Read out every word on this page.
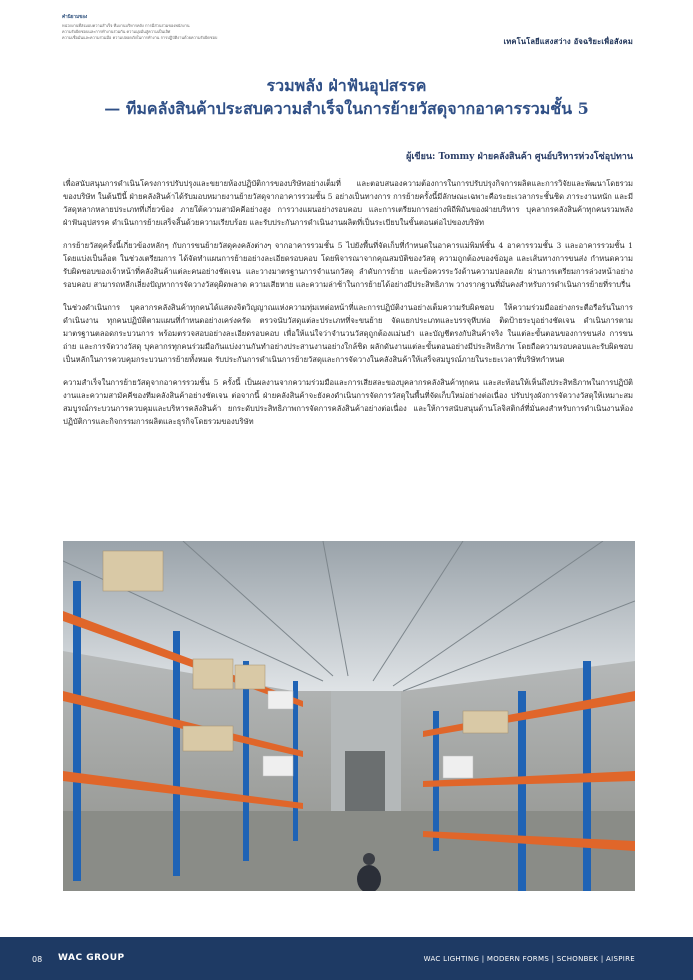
คำนิยามของ
หน่วยงานที่ส่งมอบความสำเร็จ ทีมงานบริหารคลัง การมีส่วนร่วมของพนักงาน
ความรับผิดชอบและการทำงานร่วมกัน ความมุ่งมั่นสู่ความเป็นเลิศ
ความเชื่อมั่นและความร่วมมือ ความปลอดภัยในการทำงาน การปฏิบัติงานด้วยความรับผิดชอบ	เทคโนโลยีแสงสว่าง อัจฉริยะเพื่อสังคม
รวมพลัง ฝ่าฟันอุปสรรค
— ทีมคลังสินค้าประสบความสำเร็จในการย้ายวัสดุจากอาคารรวมชั้น 5
ผู้เขียน: Tommy ฝ่ายคลังสินค้า ศูนย์บริหารห่วงโซ่อุปทาน

เพื่อสนับสนุนการดำเนินโครงการปรับปรุงและขยายห้องปฏิบัติการของบริษัทอย่างเต็มที่ และตอบสนองความต้องการในการปรับปรุงกิจการผลิตและการวิจัยและพัฒนาโดยรวมของบริษัท ในต้นปีนี้ ฝ่ายคลังสินค้าได้รับมอบหมายงานย้ายวัสดุจากอาคารรวมชั้น 5 อย่างเป็นทางการ การย้ายครั้งนี้มีลักษณะเฉพาะคือระยะเวลากระชั้นชิด ภาระงานหนัก และมีวัสดุหลากหลายประเภทที่เกี่ยวข้อง ภายใต้ความสามัคคีอย่างสูง การวางแผนอย่างรอบคอบ และการเตรียมการอย่างพิถีพิถันของฝ่ายบริหาร บุคลากรคลังสินค้าทุกคนรวมพลังฝ่าฟันอุปสรรค ดำเนินการย้ายเสร็จสิ้นด้วยความเรียบร้อย และรับประกันการดำเนินงานผลิตที่เป็นระเบียบในขั้นตอนต่อไปของบริษัท

การย้ายวัสดุครั้งนี้เกี่ยวข้องหลักๆ กับการขนย้ายวัสดุคงคลังต่างๆ จากอาคารรวมชั้น 5 ไปยังพื้นที่จัดเก็บที่กำหนดในอาคารแม่พิมพ์ชั้น 4 อาคารรวมชั้น 3 และอาคารรวมชั้น 1 โดยแบ่งเป็นล็อต ในช่วงเตรียมการ ได้จัดทำแผนการย้ายอย่างละเอียดรอบคอบ โดยพิจารณาจากคุณสมบัติของวัสดุ ความถูกต้องของข้อมูล และเส้นทางการขนส่ง กำหนดความรับผิดชอบของเจ้าหน้าที่คลังสินค้าแต่ละคนอย่างชัดเจน และวางมาตรฐานการจำแนกวัสดุ ลำดับการย้าย และข้อควรระวังด้านความปลอดภัย ผ่านการเตรียมการล่วงหน้าอย่างรอบคอบ สามารถหลีกเลี่ยงปัญหาการจัดวางวัสดุผิดพลาด ความเสียหาย และความล่าช้าในการย้ายได้อย่างมีประสิทธิภาพ วางรากฐานที่มั่นคงสำหรับการดำเนินการย้ายที่ราบรื่น

ในช่วงดำเนินการ บุคลากรคลังสินค้าทุกคนได้แสดงจิตวิญญาณแห่งความทุ่มเทต่อหน้าที่และการปฏิบัติงานอย่างเต็มความรับผิดชอบ ให้ความร่วมมืออย่างกระตือรือร้นในการดำเนินงาน ทุกคนปฏิบัติตามแผนที่กำหนดอย่างเคร่งครัด ตรวจนับวัสดุแต่ละประเภทที่จะขนย้าย จัดแยกประเภทและบรรจุหีบห่อ ติดป้ายระบุอย่างชัดเจน ดำเนินการตามมาตรฐานตลอดกระบวนการ พร้อมตรวจสอบอย่างละเอียดรอบคอบ เพื่อให้แน่ใจว่าจำนวนวัสดุถูกต้องแม่นยำ และบัญชีตรงกับสินค้าจริง ในแต่ละขั้นตอนของการขนส่ง การขนถ่าย และการจัดวางวัสดุ บุคลากรทุกคนร่วมมือกันแบ่งงานกันทำอย่างประสานงานอย่างใกล้ชิด ผลักดันงานแต่ละขั้นตอนอย่างมีประสิทธิภาพ โดยถือความรอบคอบและรับผิดชอบเป็นหลักในการควบคุมกระบวนการย้ายทั้งหมด รับประกันการดำเนินการย้ายวัสดุและการจัดวางในคลังสินค้าให้เสร็จสมบูรณ์ภายในระยะเวลาที่บริษัทกำหนด

ความสำเร็จในการย้ายวัสดุจากอาคารรวมชั้น 5 ครั้งนี้ เป็นผลงานจากความร่วมมือและการเสียสละของบุคลากรคลังสินค้าทุกคน และสะท้อนให้เห็นถึงประสิทธิภาพในการปฏิบัติงานและความสามัคคีของทีมคลังสินค้าอย่างชัดเจน ต่อจากนี้ ฝ่ายคลังสินค้าจะยังคงดำเนินการจัดการวัสดุในพื้นที่จัดเก็บใหม่อย่างต่อเนื่อง ปรับปรุงผังการจัดวางวัสดุให้เหมาะสม สมบูรณ์กระบวนการควบคุมและบริหารคลังสินค้า ยกระดับประสิทธิภาพการจัดการคลังสินค้าอย่างต่อเนื่อง และให้การสนับสนุนด้านโลจิสติกส์ที่มั่นคงสำหรับการดำเนินงานห้องปฏิบัติการและกิจกรรมการผลิตและธุรกิจโดยรวมของบริษัท

08 WAC GROUP	WAC LIGHTING | MODERN FORMS | SCHONBEK | AISPIRE
